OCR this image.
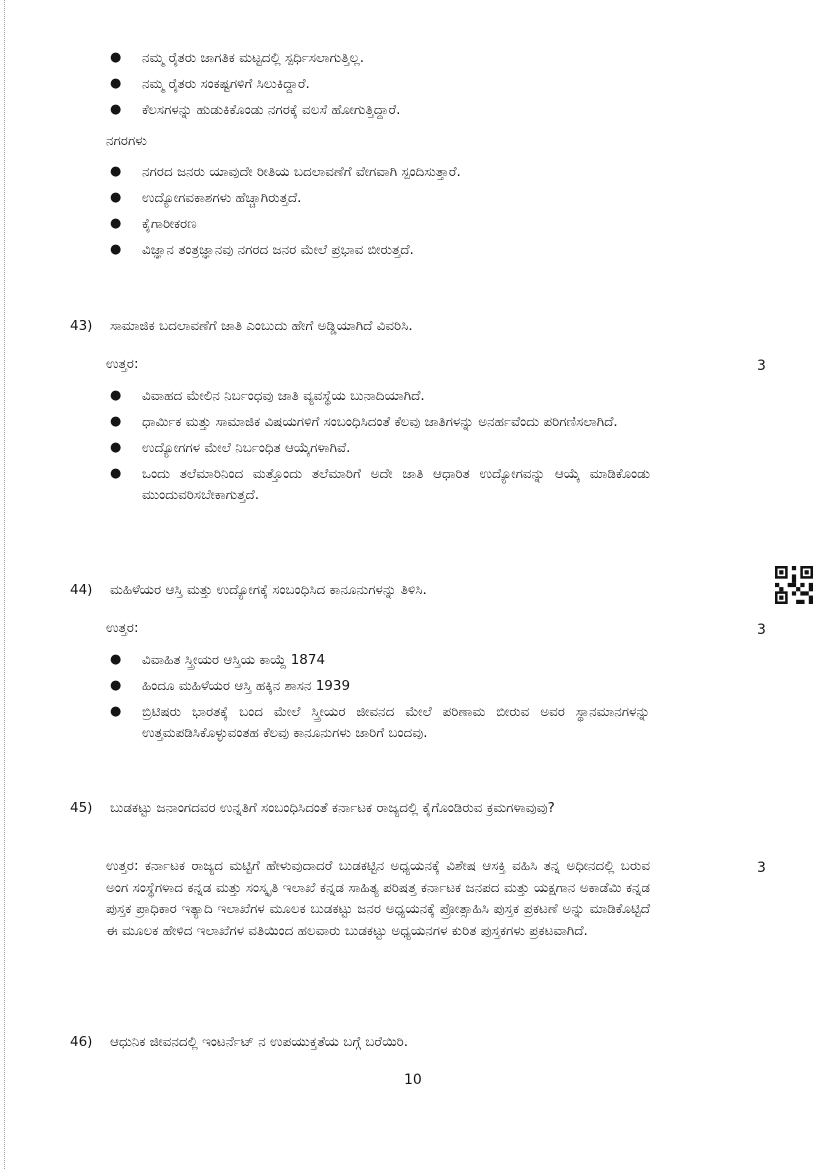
● ನಮ್ಮ ರೈತರು ಜಾಗತಿಕ ಮಟ್ಟದಲ್ಲಿ ಸ್ಪರ್ಧಿಸಲಾಗುತ್ತಿಲ್ಲ.
● ನಮ್ಮ ರೈತರು ಸಂಕಷ್ಟಗಳಿಗೆ ಸಿಲುಕಿದ್ದಾರೆ.
● ಕೆಲಸಗಳನ್ನು ಹುಡುಕಿಕೊಂಡು ನಗರಕ್ಕೆ ವಲಸೆ ಹೋಗುತ್ತಿದ್ದಾರೆ.
ನಗರಗಳು
● ನಗರದ ಜನರು ಯಾವುದೇ ರೀತಿಯ ಬದಲಾವಣೆಗೆ ವೇಗವಾಗಿ ಸ್ಪಂದಿಸುತ್ತಾರೆ.
● ಉದ್ಯೋಗವಕಾಶಗಳು ಹೆಚ್ಚಾಗಿರುತ್ತದೆ.
● ಕೈಗಾರೀಕರಣ
● ವಿಜ್ಞಾನ ತಂತ್ರಜ್ಞಾನವು ನಗರದ ಜನರ ಮೇಲೆ ಪ್ರಭಾವ ಬೀರುತ್ತದೆ.
43)	ಸಾಮಾಜಿಕ ಬದಲಾವಣೆಗೆ ಜಾತಿ ಎಂಬುದು ಹೇಗೆ ಅಡ್ಡಿಯಾಗಿದೆ ವಿವರಿಸಿ.
ಉತ್ತರ:	3
● ವಿವಾಹದ ಮೇಲಿನ ನಿರ್ಬಂಧವು ಜಾತಿ ವ್ಯವಸ್ಥೆಯ ಬುನಾದಿಯಾಗಿದೆ.
● ಧಾರ್ಮಿಕ ಮತ್ತು ಸಾಮಾಜಿಕ ವಿಷಯಗಳಿಗೆ ಸಂಬಂಧಿಸಿದಂತೆ ಕೆಲವು ಜಾತಿಗಳನ್ನು ಅನರ್ಹವೆಂದು ಪರಿಗಣಿಸಲಾಗಿದೆ.
● ಉದ್ಯೋಗಗಳ ಮೇಲೆ ನಿರ್ಬಂಧಿತ ಆಯ್ಕೆಗಳಾಗಿವೆ.
● ಒಂದು ತಲೆಮಾರಿನಿಂದ ಮತ್ತೊಂದು ತಲೆಮಾರಿಗೆ ಅದೇ ಜಾತಿ ಆಧಾರಿತ ಉದ್ಯೋಗವನ್ನು ಆಯ್ಕೆ ಮಾಡಿಕೊಂಡು ಮುಂದುವರಿಸಬೇಕಾಗುತ್ತದೆ.
44)	ಮಹಿಳೆಯರ ಆಸ್ತಿ ಮತ್ತು ಉದ್ಯೋಗಕ್ಕೆ ಸಂಬಂಧಿಸಿದ ಕಾನೂನುಗಳನ್ನು ತಿಳಿಸಿ.
ಉತ್ತರ:	3
● ವಿವಾಹಿತ ಸ್ತ್ರೀಯರ ಆಸ್ತಿಯ ಕಾಯ್ದೆ 1874
● ಹಿಂದೂ ಮಹಿಳೆಯರ ಆಸ್ತಿ ಹಕ್ಕಿನ ಶಾಸನ 1939
● ಬ್ರಿಟಿಷರು ಭಾರತಕ್ಕೆ ಬಂದ ಮೇಲೆ ಸ್ತ್ರೀಯರ ಜೀವನದ ಮೇಲೆ ಪರಿಣಾಮ ಬೀರುವ ಅವರ ಸ್ಥಾನಮಾನಗಳನ್ನು ಉತ್ತಮಪಡಿಸಿಕೊಳ್ಳುವಂತಹ ಕೆಲವು ಕಾನೂನುಗಳು ಜಾರಿಗೆ ಬಂದವು.
45)	ಬುಡಕಟ್ಟು ಜನಾಂಗದವರ ಉನ್ನತಿಗೆ ಸಂಬಂಧಿಸಿದಂತೆ ಕರ್ನಾಟಕ ರಾಜ್ಯದಲ್ಲಿ ಕೈಗೊಂಡಿರುವ ಕ್ರಮಗಳಾವುವು?
ಉತ್ತರ: ಕರ್ನಾಟಕ ರಾಜ್ಯದ ಮಟ್ಟಿಗೆ ಹೇಳುವುದಾದರೆ ಬುಡಕಟ್ಟಿನ ಅಧ್ಯಯನಕ್ಕೆ ವಿಶೇಷ ಆಸಕ್ತಿ ವಹಿಸಿ ತನ್ನ ಅಧೀನದಲ್ಲಿ ಬರುವ ಅಂಗ ಸಂಸ್ಥೆಗಳಾದ ಕನ್ನಡ ಮತ್ತು ಸಂಸ್ಕೃತಿ ಇಲಾಖೆ ಕನ್ನಡ ಸಾಹಿತ್ಯ ಪರಿಷತ್ತ ಕರ್ನಾಟಕ ಜನಪದ ಮತ್ತು ಯಕ್ಷಗಾನ ಅಕಾಡೆಮಿ ಕನ್ನಡ ಪುಸ್ತಕ ಪ್ರಾಧಿಕಾರ ಇತ್ಯಾದಿ ಇಲಾಖೆಗಳ ಮೂಲಕ ಬುಡಕಟ್ಟು ಜನರ ಅಧ್ಯಯನಕ್ಕೆ ಪ್ರೋತ್ಸಾಹಿಸಿ ಪುಸ್ತಕ ಪ್ರಕಟಣೆ ಅನ್ನು ಮಾಡಿಕೊಟ್ಟಿದೆ ಈ ಮೂಲಕ ಹೇಳಿದ ಇಲಾಖೆಗಳ ವತಿಯಿಂದ ಹಲವಾರು ಬುಡಕಟ್ಟು ಅಧ್ಯಯನಗಳ ಕುರಿತ ಪುಸ್ತಕಗಳು ಪ್ರಕಟವಾಗಿದೆ.
3
46)	ಆಧುನಿಕ ಜೀವನದಲ್ಲಿ ಇಂಟರ್ನೆಟ್ ನ ಉಪಯುಕ್ತತೆಯ ಬಗ್ಗೆ ಬರೆಯಿರಿ.
10
